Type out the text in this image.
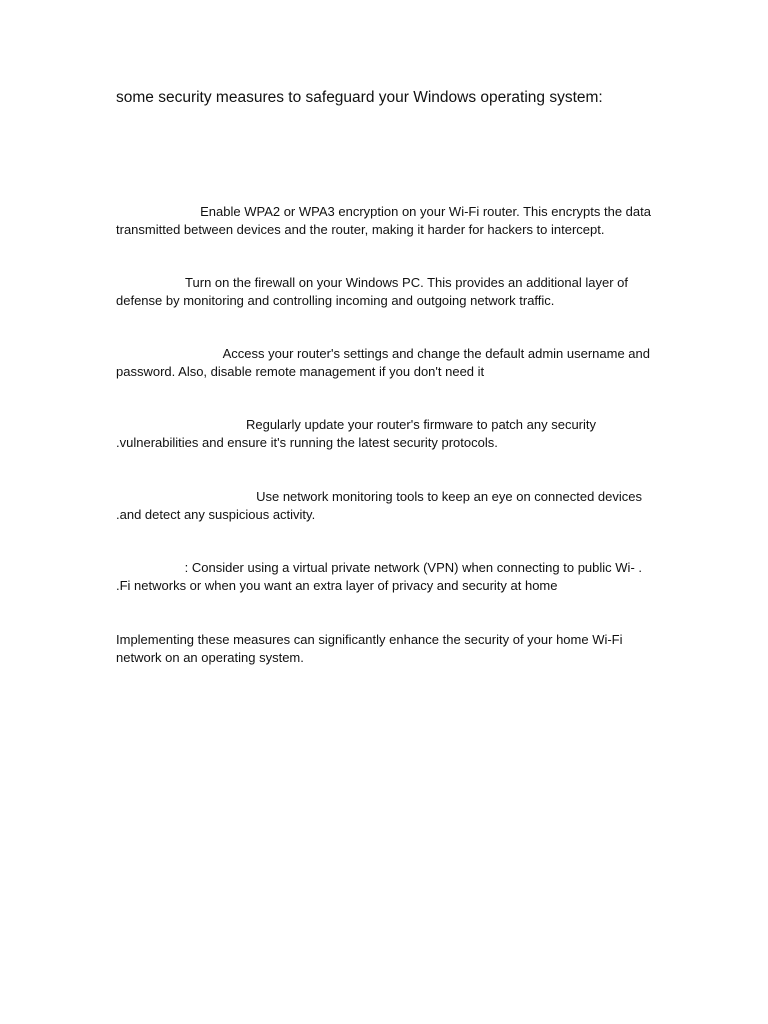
some security measures to safeguard your Windows operating system:
Enable WPA2 or WPA3 encryption on your Wi-Fi router. This encrypts the data
transmitted between devices and the router, making it harder for hackers to intercept.
Turn on the firewall on your Windows PC. This provides an additional layer of
defense by monitoring and controlling incoming and outgoing network traffic.
Access your router's settings and change the default admin username and
password. Also, disable remote management if you don't need it
Regularly update your router's firmware to patch any security
.vulnerabilities and ensure it's running the latest security protocols.
Use network monitoring tools to keep an eye on connected devices
.and detect any suspicious activity.
: Consider using a virtual private network (VPN) when connecting to public Wi- .
.Fi networks or when you want an extra layer of privacy and security at home
Implementing these measures can significantly enhance the security of your home Wi-Fi
network on an operating system.
